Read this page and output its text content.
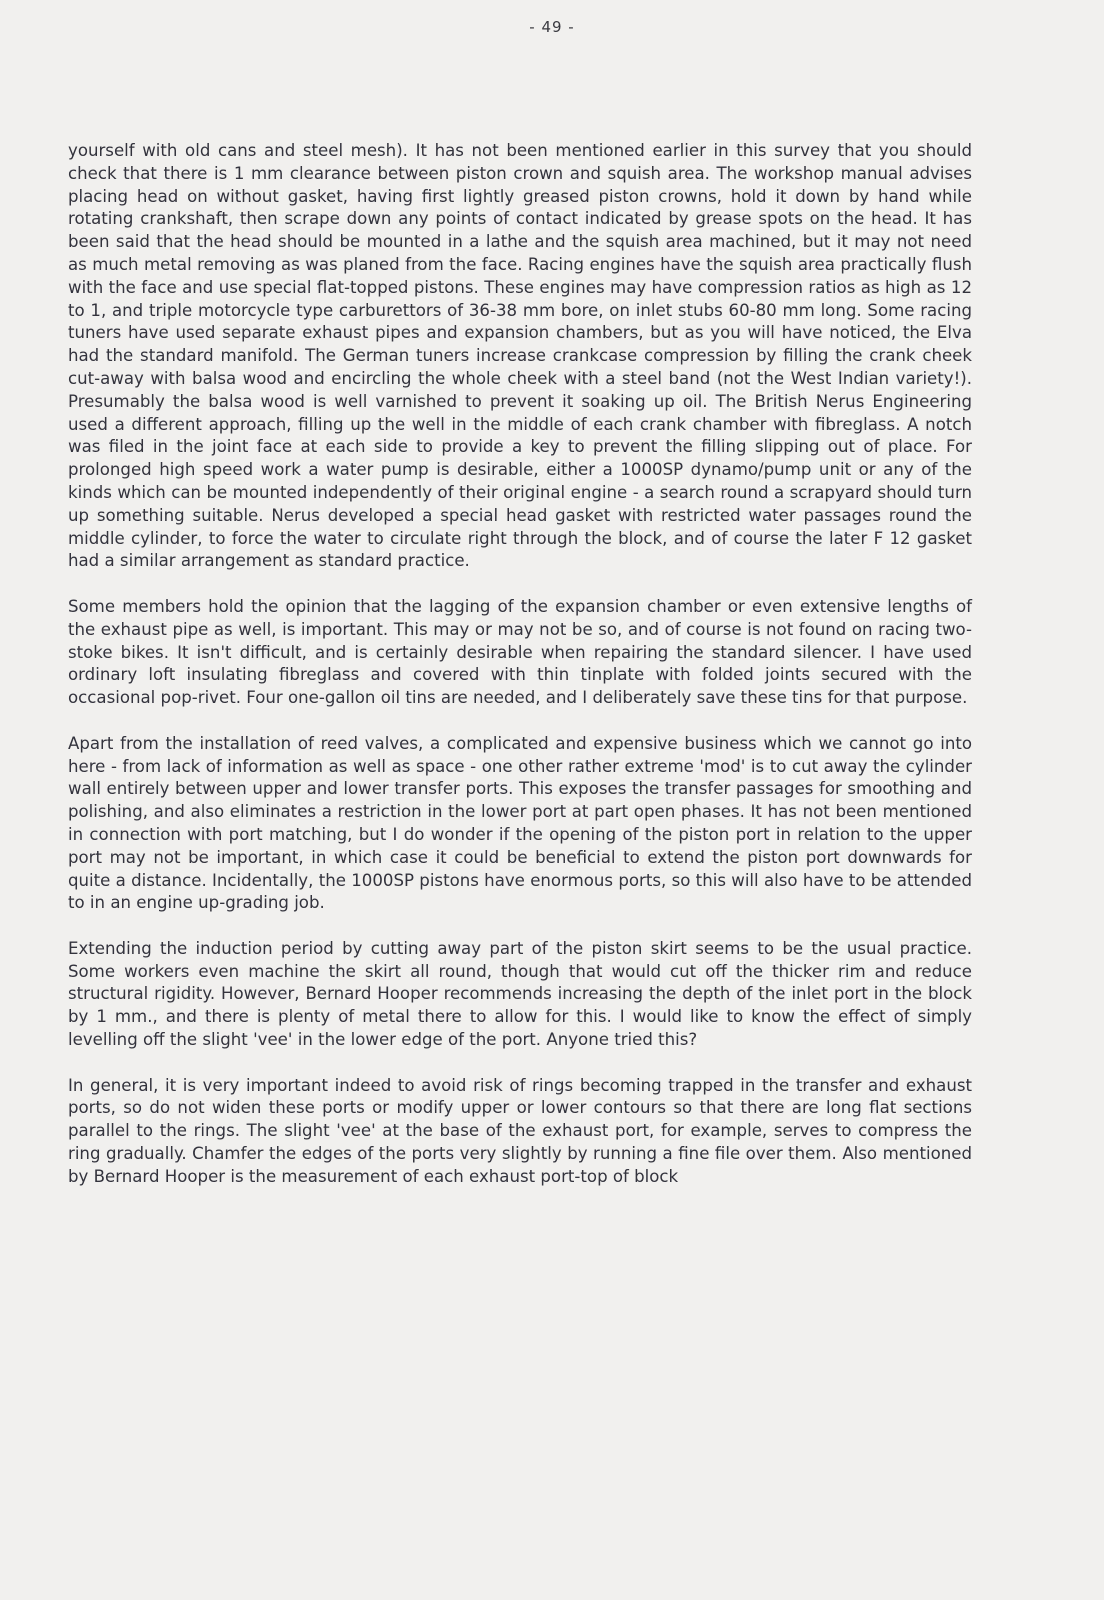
- 49 -

yourself with old cans and steel mesh). It has not been mentioned earlier in this survey that you should check that there is 1 mm clearance between piston crown and squish area. The workshop manual advises placing head on without gasket, having first lightly greased piston crowns, hold it down by hand while rotating crankshaft, then scrape down any points of contact indicated by grease spots on the head. It has been said that the head should be mounted in a lathe and the squish area machined, but it may not need as much metal removing as was planed from the face. Racing engines have the squish area practically flush with the face and use special flat-topped pistons. These engines may have compression ratios as high as 12 to 1, and triple motorcycle type carburettors of 36-38 mm bore, on inlet stubs 60-80 mm long. Some racing tuners have used separate exhaust pipes and expansion chambers, but as you will have noticed, the Elva had the standard manifold. The German tuners increase crankcase compression by filling the crank cheek cut-away with balsa wood and encircling the whole cheek with a steel band (not the West Indian variety!). Presumably the balsa wood is well varnished to prevent it soaking up oil. The British Nerus Engineering used a different approach, filling up the well in the middle of each crank chamber with fibreglass. A notch was filed in the joint face at each side to provide a key to prevent the filling slipping out of place. For prolonged high speed work a water pump is desirable, either a 1000SP dynamo/pump unit or any of the kinds which can be mounted independently of their original engine - a search round a scrapyard should turn up something suitable. Nerus developed a special head gasket with restricted water passages round the middle cylinder, to force the water to circulate right through the block, and of course the later F 12 gasket had a similar arrangement as standard practice.

Some members hold the opinion that the lagging of the expansion chamber or even extensive lengths of the exhaust pipe as well, is important. This may or may not be so, and of course is not found on racing two-stoke bikes. It isn't difficult, and is certainly desirable when repairing the standard silencer. I have used ordinary loft insulating fibreglass and covered with thin tinplate with folded joints secured with the occasional pop-rivet. Four one-gallon oil tins are needed, and I deliberately save these tins for that purpose.

Apart from the installation of reed valves, a complicated and expensive business which we cannot go into here - from lack of information as well as space - one other rather extreme 'mod' is to cut away the cylinder wall entirely between upper and lower transfer ports. This exposes the transfer passages for smoothing and polishing, and also eliminates a restriction in the lower port at part open phases. It has not been mentioned in connection with port matching, but I do wonder if the opening of the piston port in relation to the upper port may not be important, in which case it could be beneficial to extend the piston port downwards for quite a distance. Incidentally, the 1000SP pistons have enormous ports, so this will also have to be attended to in an engine up-grading job.

Extending the induction period by cutting away part of the piston skirt seems to be the usual practice. Some workers even machine the skirt all round, though that would cut off the thicker rim and reduce structural rigidity. However, Bernard Hooper recommends increasing the depth of the inlet port in the block by 1 mm., and there is plenty of metal there to allow for this. I would like to know the effect of simply levelling off the slight 'vee' in the lower edge of the port. Anyone tried this?

In general, it is very important indeed to avoid risk of rings becoming trapped in the transfer and exhaust ports, so do not widen these ports or modify upper or lower contours so that there are long flat sections parallel to the rings. The slight 'vee' at the base of the exhaust port, for example, serves to compress the ring gradually. Chamfer the edges of the ports very slightly by running a fine file over them. Also mentioned by Bernard Hooper is the measurement of each exhaust port-top of block
